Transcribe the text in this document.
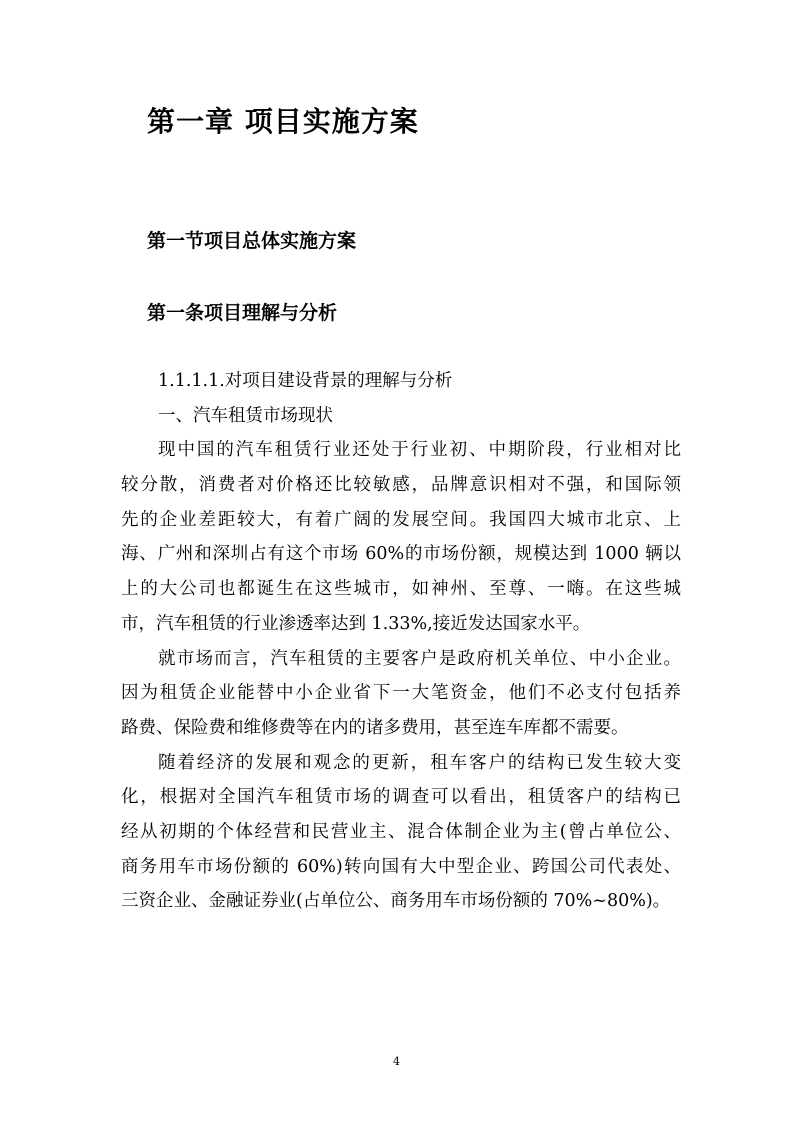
第一章 项目实施方案
第一节项目总体实施方案
第一条项目理解与分析
1.1.1.1.对项目建设背景的理解与分析
一、汽车租赁市场现状
现中国的汽车租赁行业还处于行业初、中期阶段，行业相对比
较分散，消费者对价格还比较敏感，品牌意识相对不强，和国际领
先的企业差距较大，有着广阔的发展空间。我国四大城市北京、上
海、广州和深圳占有这个市场 60%的市场份额，规模达到 1000 辆以
上的大公司也都诞生在这些城市，如神州、至尊、一嗨。在这些城
市，汽车租赁的行业渗透率达到 1.33%,接近发达国家水平。
就市场而言，汽车租赁的主要客户是政府机关单位、中小企业。
因为租赁企业能替中小企业省下一大笔资金，他们不必支付包括养
路费、保险费和维修费等在内的诸多费用，甚至连车库都不需要。
随着经济的发展和观念的更新，租车客户的结构已发生较大变
化，根据对全国汽车租赁市场的调查可以看出，租赁客户的结构已
经从初期的个体经营和民营业主、混合体制企业为主(曾占单位公、
商务用车市场份额的 60%)转向国有大中型企业、跨国公司代表处、
三资企业、金融证券业(占单位公、商务用车市场份额的 70%~80%)。
4
